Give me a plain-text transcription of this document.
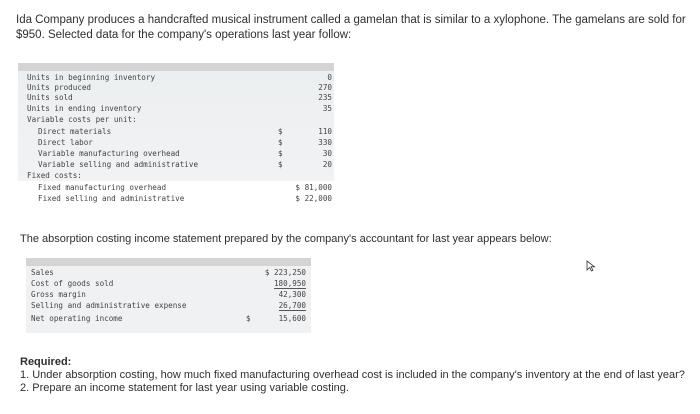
Ida Company produces a handcrafted musical instrument called a gamelan that is similar to a xylophone. The gamelans are sold for $950. Selected data for the company's operations last year follow:
Units in beginning inventory	0
Units produced	270
Units sold	235
Units in ending inventory	35
Variable costs per unit:
Direct materials	$	110
Direct labor	$	330
Variable manufacturing overhead	$	30
Variable selling and administrative	$	20
Fixed costs:
Fixed manufacturing overhead	$ 81,000
Fixed selling and administrative	$ 22,000
The absorption costing income statement prepared by the company's accountant for last year appears below:
Sales	$ 223,250
Cost of goods sold	180,950
Gross margin	42,300
Selling and administrative expense	26,700
Net operating income	$	15,600
Required:
1. Under absorption costing, how much fixed manufacturing overhead cost is included in the company's inventory at the end of last year?
2. Prepare an income statement for last year using variable costing.
